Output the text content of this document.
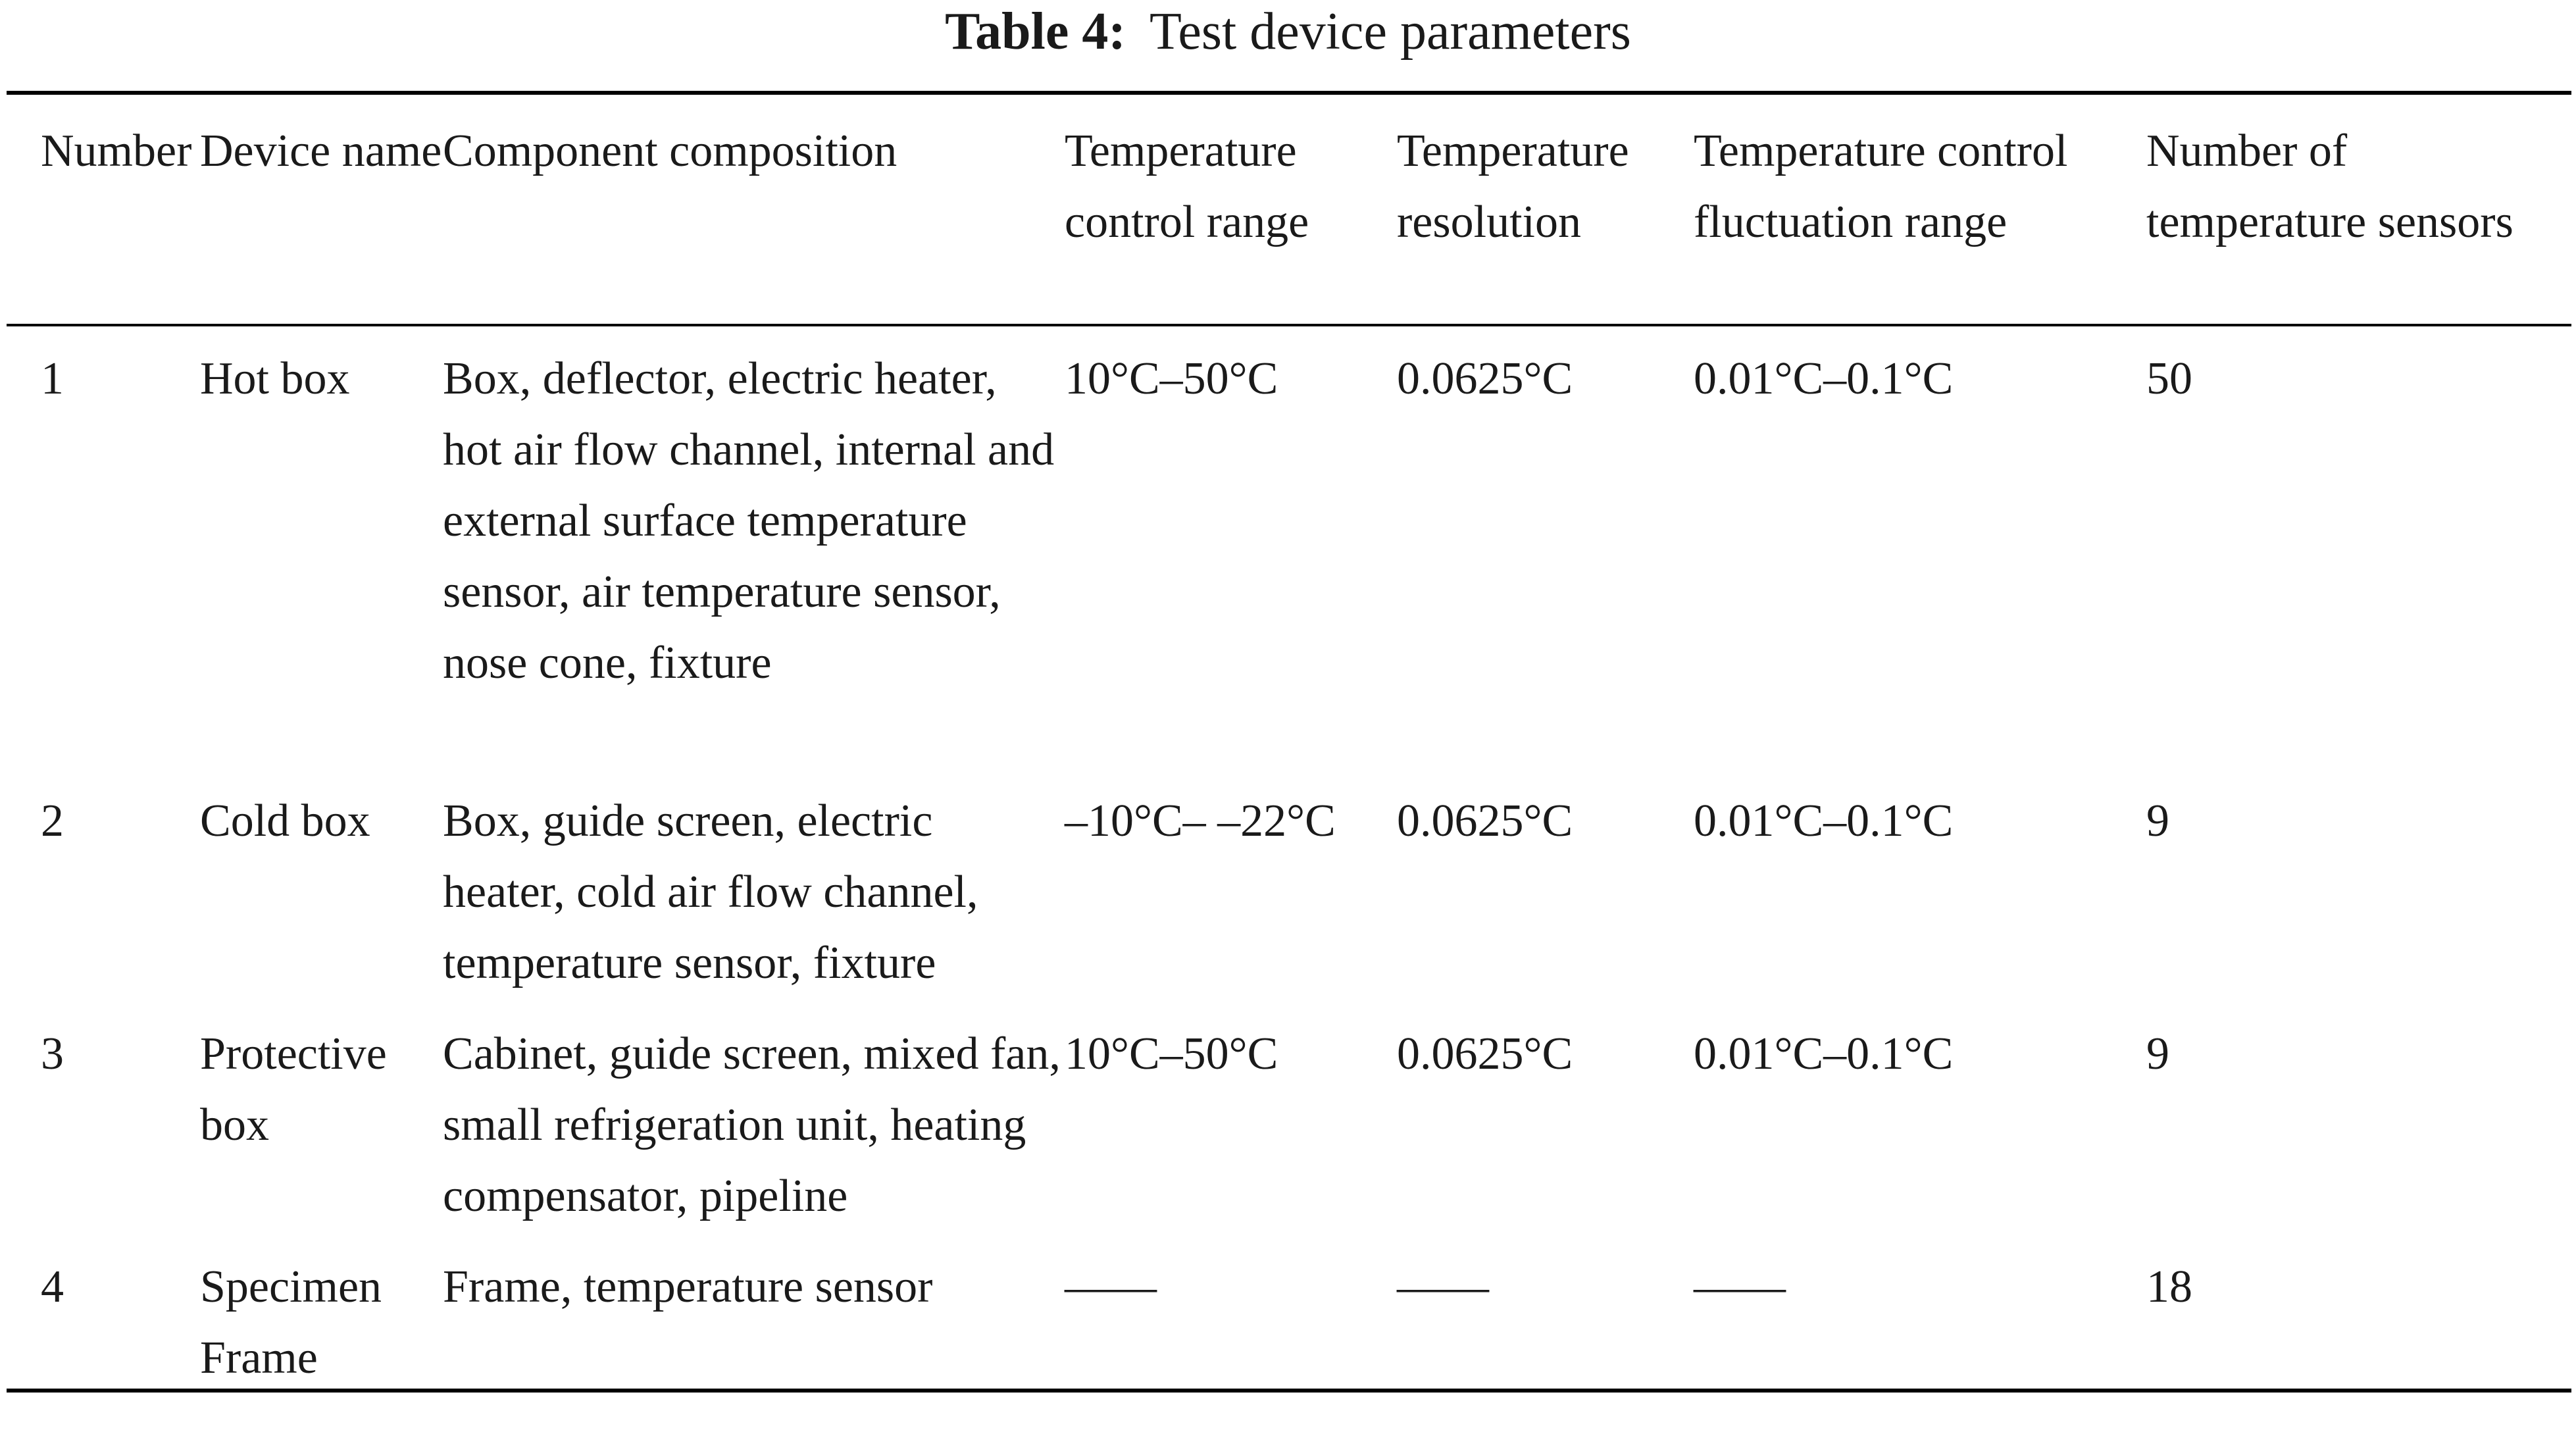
Table 4: Test device parameters
Number	Device name	Component composition	Temperature control range	Temperature resolution	Temperature control fluctuation range	Number of temperature sensors
1	Hot box	Box, deflector, electric heater, hot air flow channel, internal and external surface temperature sensor, air temperature sensor, nose cone, fixture	10°C–50°C	0.0625°C	0.01°C–0.1°C	50
2	Cold box	Box, guide screen, electric heater, cold air flow channel, temperature sensor, fixture	–10°C– –22°C	0.0625°C	0.01°C–0.1°C	9
3	Protective box	Cabinet, guide screen, mixed fan, small refrigeration unit, heating compensator, pipeline	10°C–50°C	0.0625°C	0.01°C–0.1°C	9
4	Specimen Frame	Frame, temperature sensor	——	——	——	18
